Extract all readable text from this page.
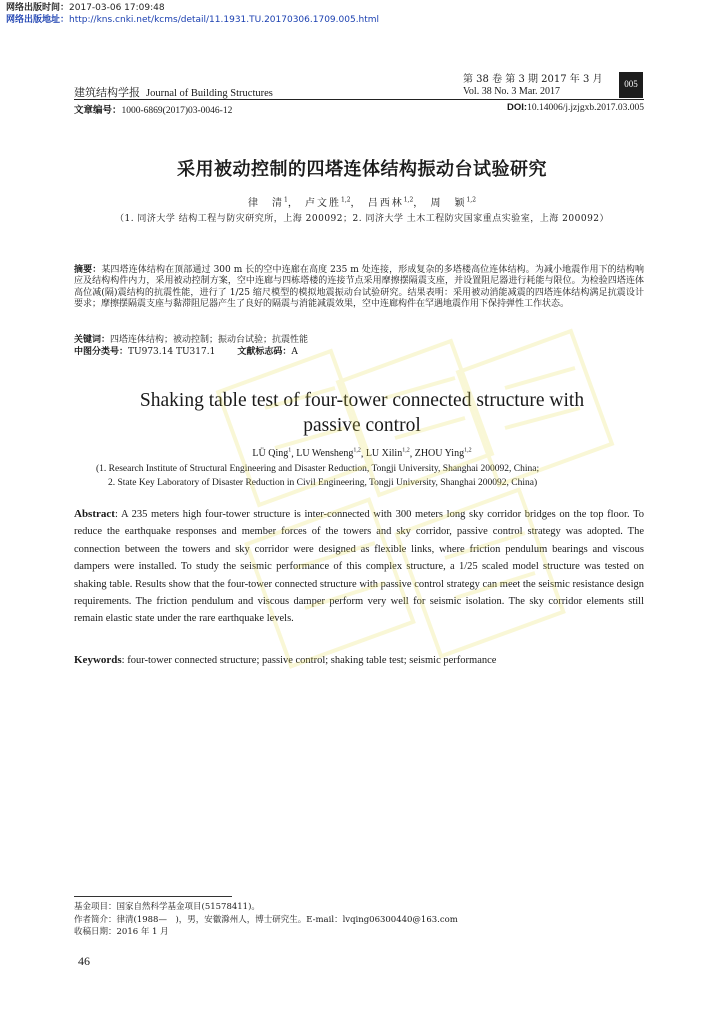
网络出版时间：2017-03-06 17:09:48
网络出版地址：http://kns.cnki.net/kcms/detail/11.1931.TU.20170306.1709.005.html
建筑结构学报 Journal of Building Structures
第 38 卷 第 3 期 2017 年 3 月
Vol. 38 No. 3 Mar. 2017
005
文章编号：1000-6869(2017)03-0046-12	DOI:10.14006/j.jzjgxb.2017.03.005
采用被动控制的四塔连体结构振动台试验研究
律　清$^1$， 卢文胜$^{1,2}$， 吕西林$^{1,2}$， 周　颖$^{1,2}$
（1. 同济大学 结构工程与防灾研究所，上海 200092；2. 同济大学 土木工程防灾国家重点实验室，上海 200092）
摘要：某四塔连体结构在顶部通过 300 m 长的空中连廊在高度 235 m 处连接，形成复杂的多塔楼高位连体结构。为减小地震作用下的结构响应及结构构件内力，采用被动控制方案，空中连廊与四栋塔楼的连接节点采用摩擦摆隔震支座，并设置阻尼器进行耗能与限位。为检验四塔连体高位减(隔)震结构的抗震性能，进行了 1/25 缩尺模型的模拟地震振动台试验研究。结果表明：采用被动消能减震的四塔连体结构满足抗震设计要求；摩擦摆隔震支座与黏滞阻尼器产生了良好的隔震与消能减震效果，空中连廊构件在罕遇地震作用下保持弹性工作状态。
关键词：四塔连体结构；被动控制；振动台试验；抗震性能
中图分类号：TU973.14 TU317.1 文献标志码：A
Shaking table test of four-tower connected structure with
passive control
LÜ Qing$^1$, LU Wensheng$^{1,2}$, LU Xilin$^{1,2}$, ZHOU Ying$^{1,2}$
(1. Research Institute of Structural Engineering and Disaster Reduction, Tongji University, Shanghai 200092, China;
2. State Key Laboratory of Disaster Reduction in Civil Engineering, Tongji University, Shanghai 200092, China)
Abstract: A 235 meters high four-tower structure is inter-connected with 300 meters long sky corridor bridges on the top floor. To reduce the earthquake responses and member forces of the towers and sky corridor, passive control strategy was adopted. The connection between the towers and sky corridor were designed as flexible links, where friction pendulum bearings and viscous dampers were installed. To study the seismic performance of this complex structure, a 1/25 scaled model structure was tested on shaking table. Results show that the four-tower connected structure with passive control strategy can meet the seismic resistance design requirements. The friction pendulum and viscous damper perform very well for seismic isolation. The sky corridor elements still remain elastic state under the rare earthquake levels.
Keywords: four-tower connected structure; passive control; shaking table test; seismic performance
基金项目：国家自然科学基金项目(51578411)。
作者简介：律清(1988—　)，男，安徽滁州人，博士研究生。E-mail：lvqing06300440@163.com
收稿日期：2016 年 1 月
46
